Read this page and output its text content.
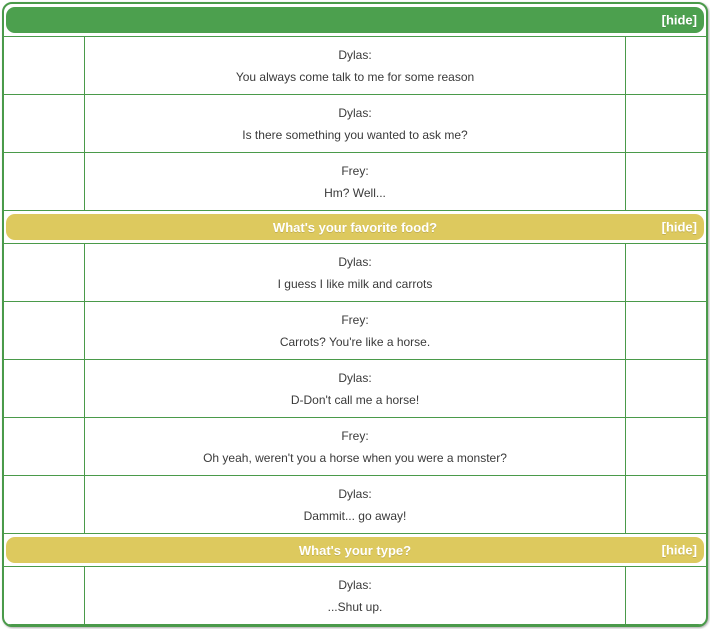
[hide]

	Dylas:

You always come talk to me for some reason	

	Dylas:

Is there something you wanted to ask me?	

	Frey:

Hm? Well...	

What's your favorite food?	[hide]

	Dylas:

I guess I like milk and carrots	

	Frey:

Carrots? You're like a horse.	

	Dylas:

D-Don't call me a horse!	

	Frey:

Oh yeah, weren't you a horse when you were a monster?	

	Dylas:

Dammit... go away!	

What's your type?	[hide]

Dylas:

...Shut up.
